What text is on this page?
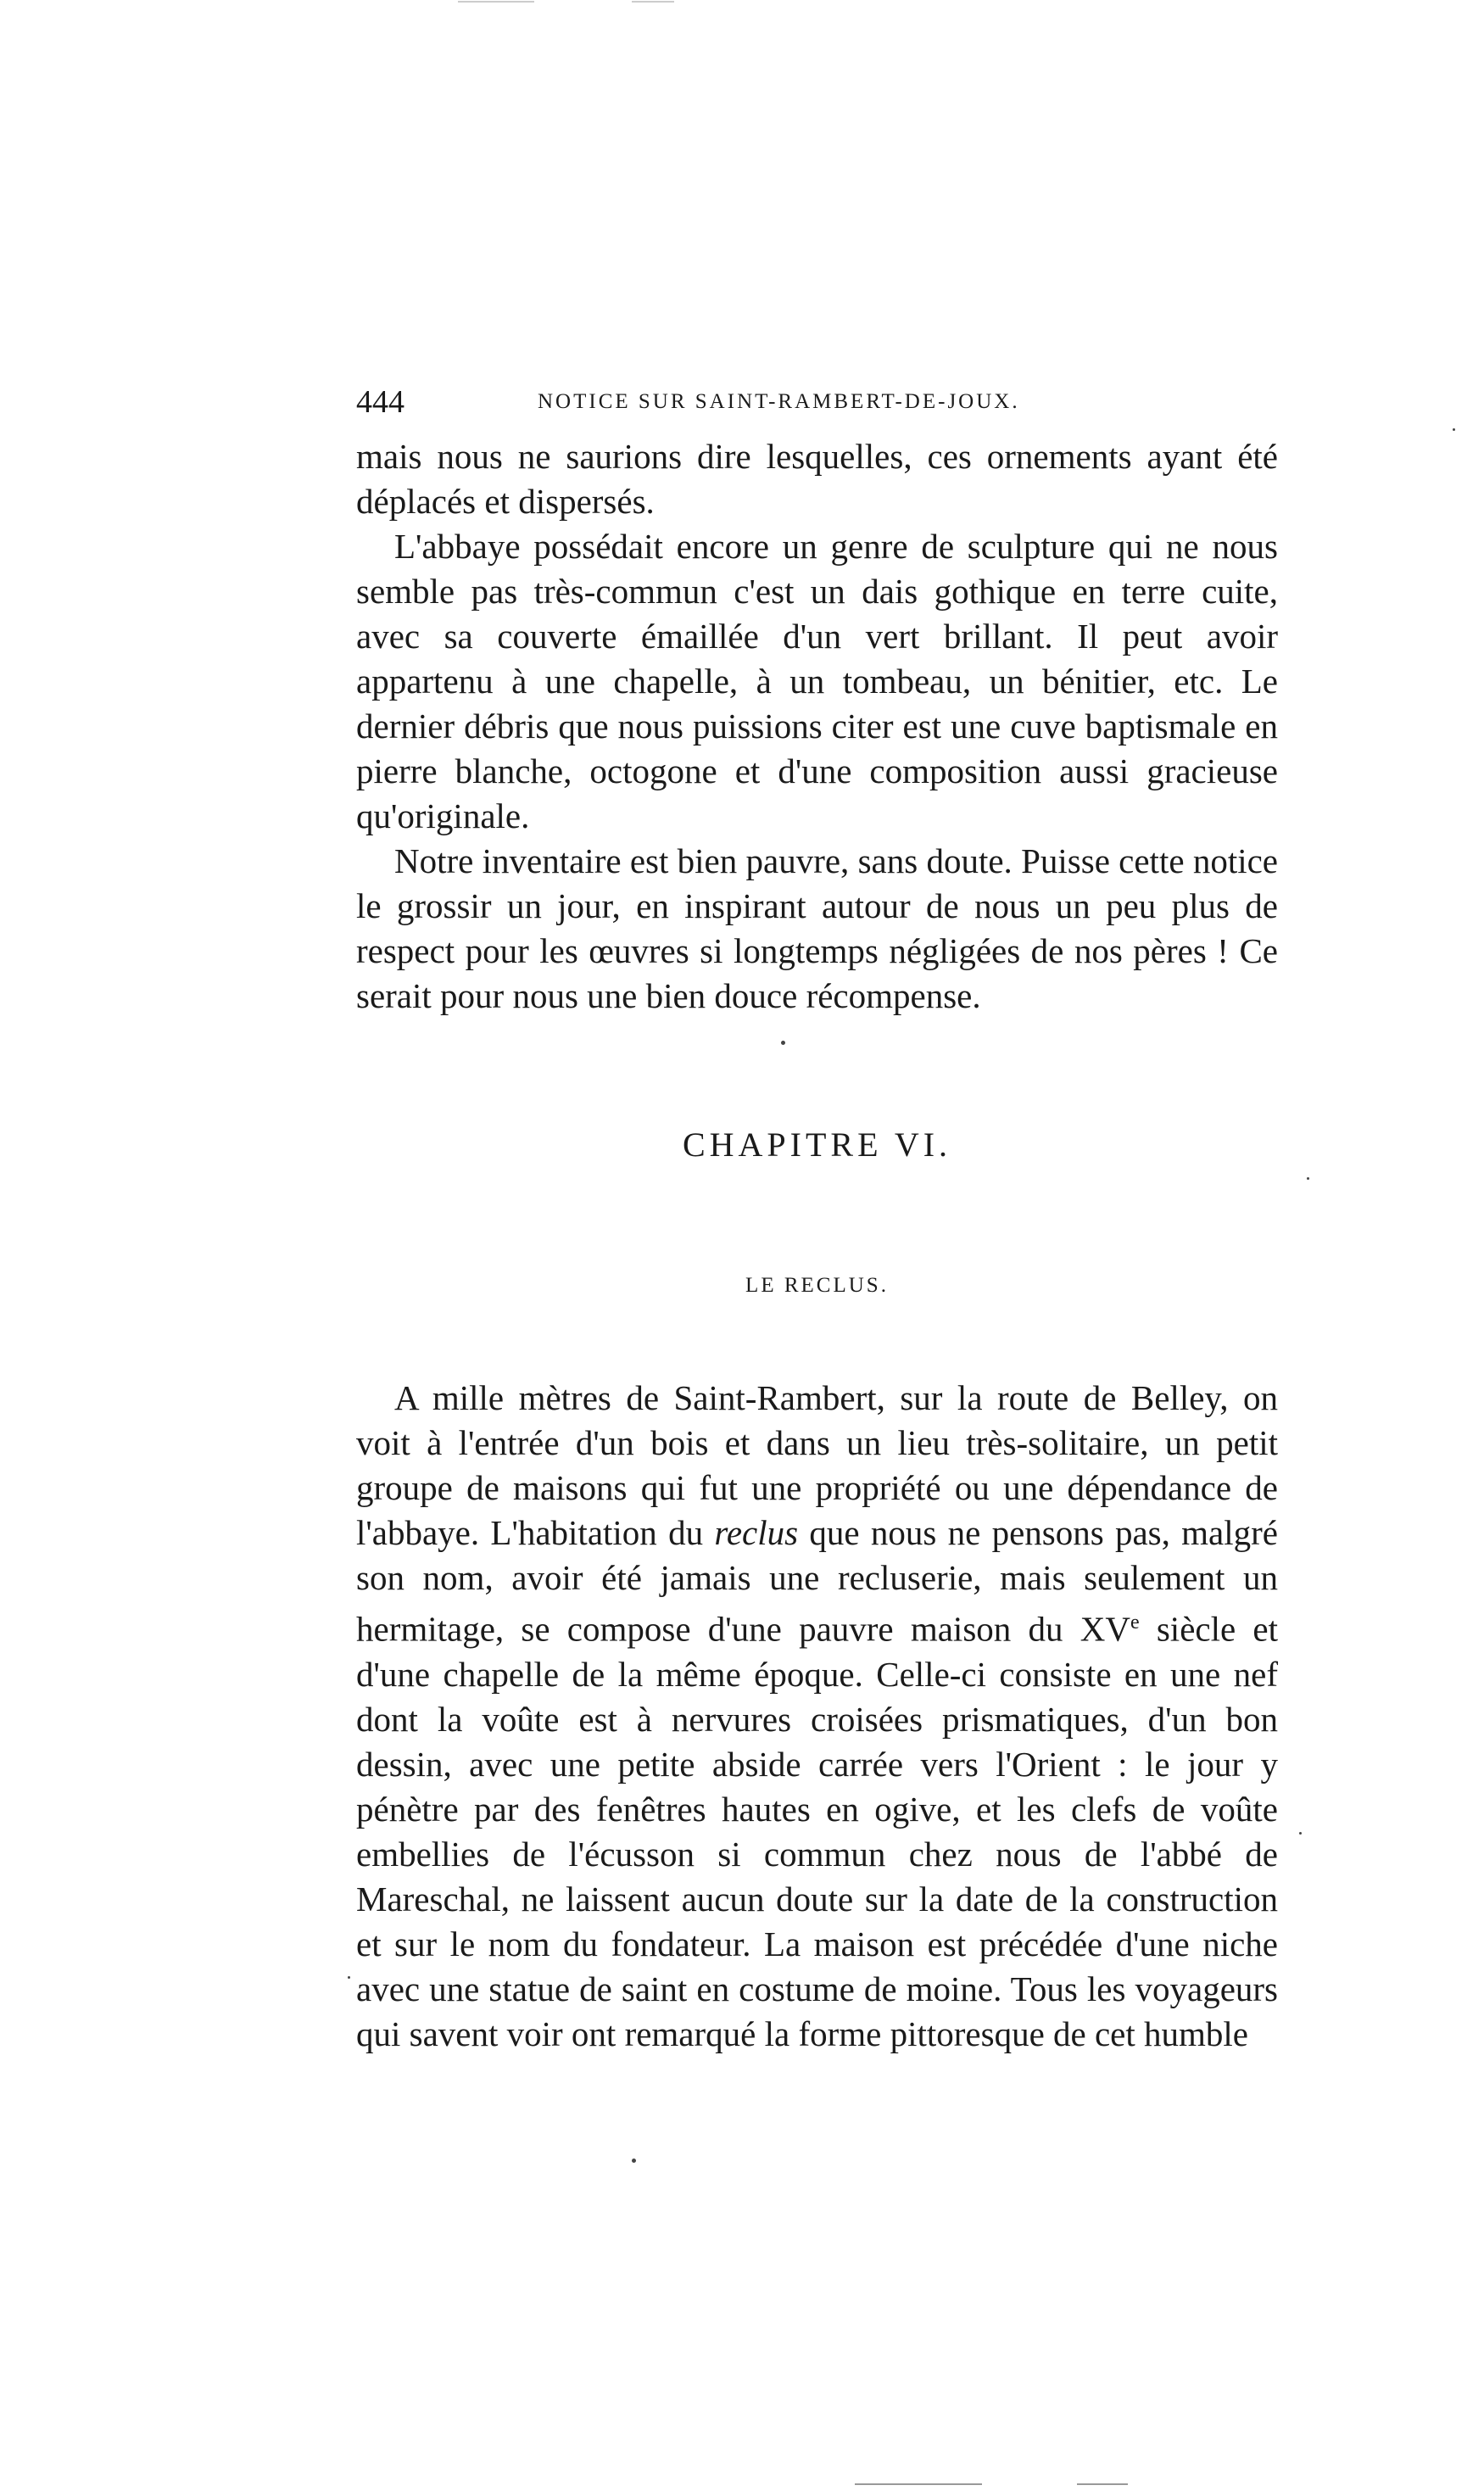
444	NOTICE SUR SAINT-RAMBERT-DE-JOUX.

mais nous ne saurions dire lesquelles, ces ornements ayant été déplacés et dispersés.

L'abbaye possédait encore un genre de sculpture qui ne nous semble pas très-commun c'est un dais gothique en terre cuite, avec sa couverte émaillée d'un vert brillant. Il peut avoir appartenu à une chapelle, à un tombeau, un bénitier, etc. Le dernier débris que nous puissions citer est une cuve baptismale en pierre blanche, octogone et d'une composition aussi gracieuse qu'originale.

Notre inventaire est bien pauvre, sans doute. Puisse cette notice le grossir un jour, en inspirant autour de nous un peu plus de respect pour les œuvres si longtemps négligées de nos pères ! Ce serait pour nous une bien douce récompense.

CHAPITRE VI.
LE RECLUS.

A mille mètres de Saint-Rambert, sur la route de Belley, on voit à l'entrée d'un bois et dans un lieu très-solitaire, un petit groupe de maisons qui fut une propriété ou une dépendance de l'abbaye. L'habitation du reclus que nous ne pensons pas, malgré son nom, avoir été jamais une recluserie, mais seulement un hermitage, se compose d'une pauvre maison du XVe siècle et d'une chapelle de la même époque. Celle-ci consiste en une nef dont la voûte est à nervures croisées prismatiques, d'un bon dessin, avec une petite abside carrée vers l'Orient : le jour y pénètre par des fenêtres hautes en ogive, et les clefs de voûte embellies de l'écusson si commun chez nous de l'abbé de Mareschal, ne laissent aucun doute sur la date de la construction et sur le nom du fondateur. La maison est précédée d'une niche avec une statue de saint en costume de moine. Tous les voyageurs qui savent voir ont remarqué la forme pittoresque de cet humble
